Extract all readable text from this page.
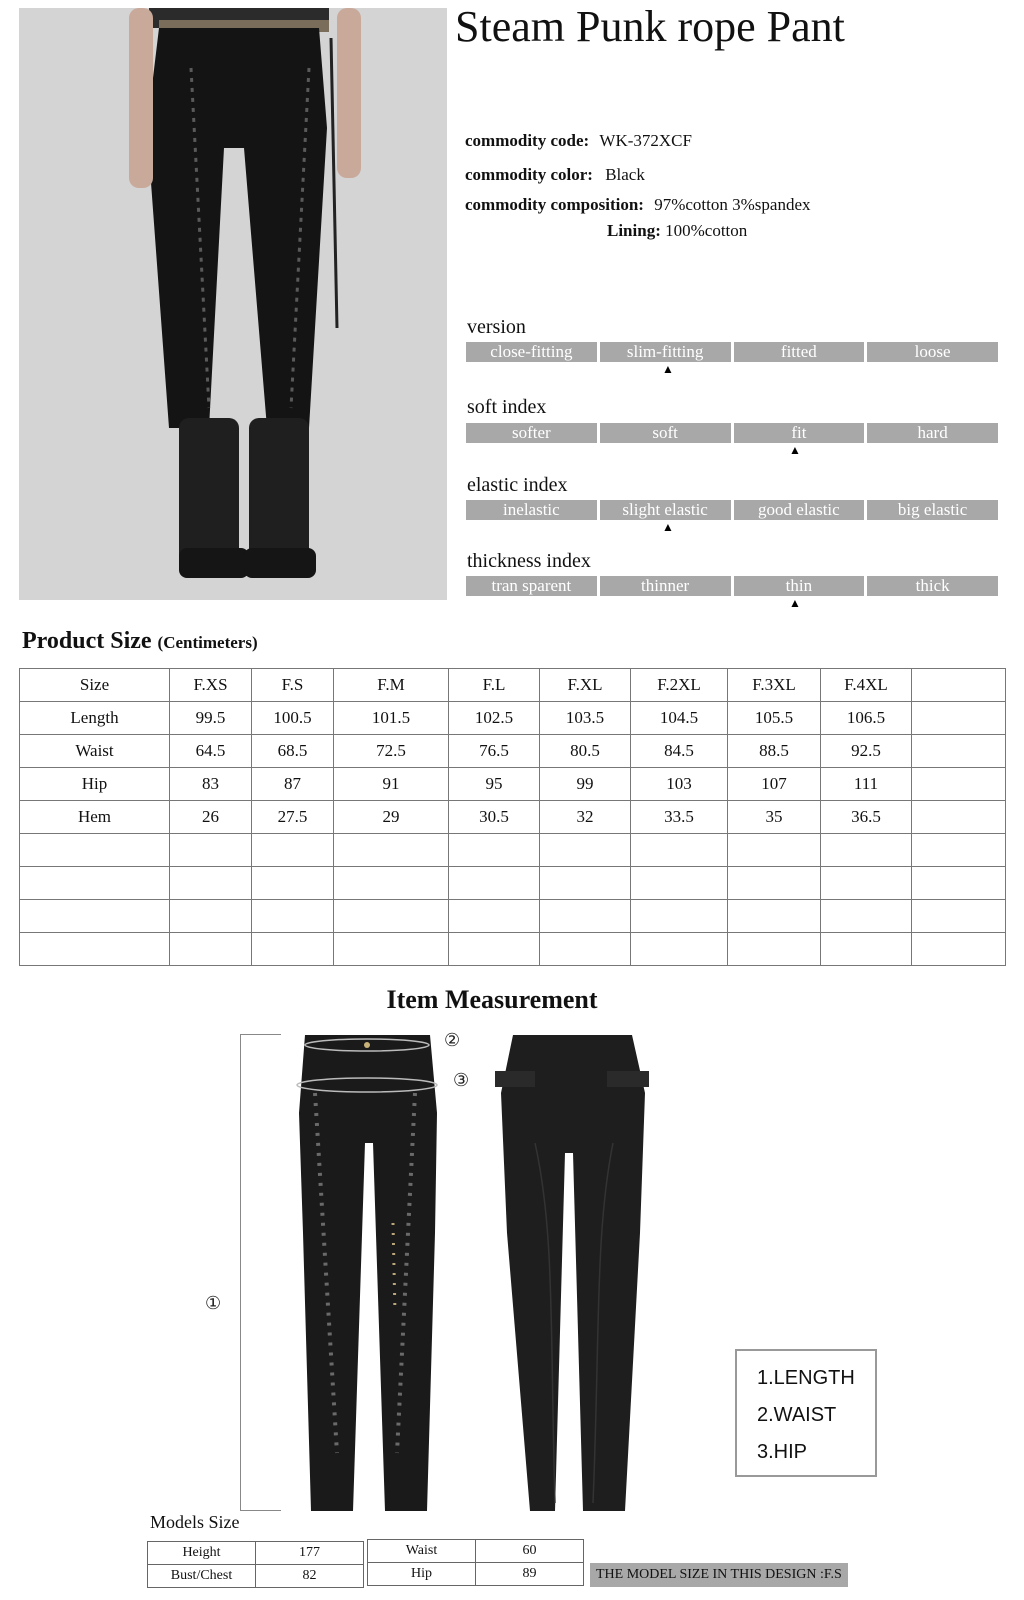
Steam Punk rope Pant
commodity code: WK-372XCF
commodity color: Black
commodity composition: 97%cotton 3%spandex
Lining: 100%cotton
version
close-fitting	slim-fitting	fitted	loose
▲
soft index
softer	soft	fit	hard
▲
elastic index
inelastic	slight elastic	good elastic	big elastic
▲
thickness index
tran sparent	thinner	thin	thick
▲
Product Size (Centimeters)
Size	F.XS	F.S	F.M	F.L	F.XL	F.2XL	F.3XL	F.4XL	
Length	99.5	100.5	101.5	102.5	103.5	104.5	105.5	106.5	
Waist	64.5	68.5	72.5	76.5	80.5	84.5	88.5	92.5	
Hip	83	87	91	95	99	103	107	111	
Hem	26	27.5	29	30.5	32	33.5	35	36.5	

Item Measurement
①
②
③
1.LENGTH
2.WAIST
3.HIP
Models Size
Height	177
Bust/Chest	82
Waist	60
Hip	89	THE MODEL SIZE IN THIS DESIGN :F.S
